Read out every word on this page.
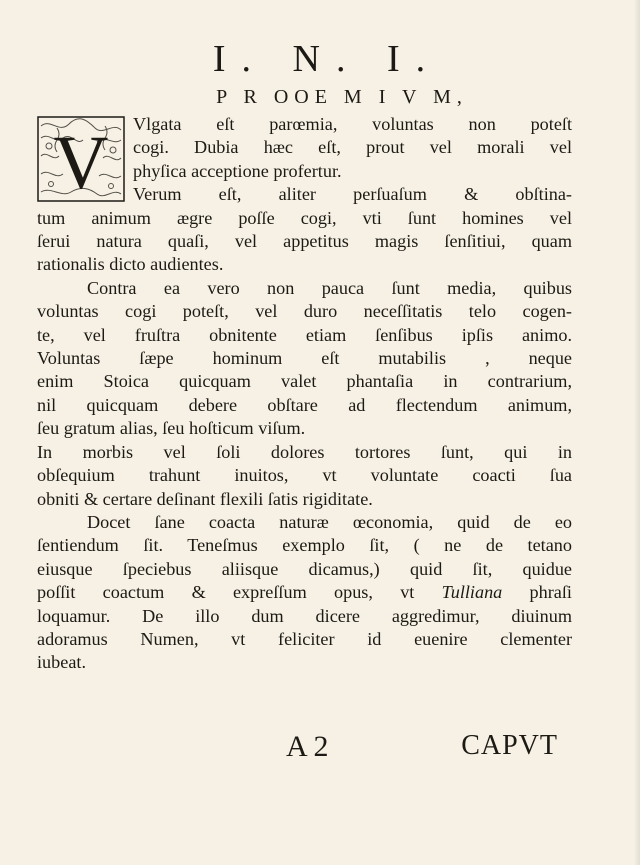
I. N. I.
P R OOE M I V M,
V	Vlgata eſt parœmia, voluntas non poteſt
cogi. Dubia hæc eſt, prout vel morali vel
phyſica acceptione profertur.
Verum eſt, aliter perſuaſum & obſtina-
tum animum ægre poſſe cogi, vti ſunt homines vel
ſerui natura quaſi, vel appetitus magis ſenſitiui, quam
rationalis dicto audientes.
Contra ea vero non pauca ſunt media, quibus
voluntas cogi poteſt, vel duro neceſſitatis telo cogen-
te, vel fruſtra obnitente etiam ſenſibus ipſis animo.
Voluntas ſæpe hominum eſt mutabilis , neque
enim Stoica quicquam valet phantaſia in contrarium,
nil quicquam debere obſtare ad flectendum animum,
ſeu gratum alias, ſeu hoſticum viſum.
In morbis vel ſoli dolores tortores ſunt, qui in
obſequium trahunt inuitos, vt voluntate coacti ſua
obniti & certare deſinant flexili ſatis rigiditate.
Docet ſane coacta naturæ œconomia, quid de eo
ſentiendum ſit. Teneſmus exemplo ſit, ( ne de tetano
eiusque ſpeciebus aliisque dicamus,) quid ſit, quidue
poſſit coactum & expreſſum opus, vt Tulliana phraſi
loquamur. De illo dum dicere aggredimur, diuinum
adoramus Numen, vt feliciter id euenire clementer
iubeat.
A 2	CAPVT
